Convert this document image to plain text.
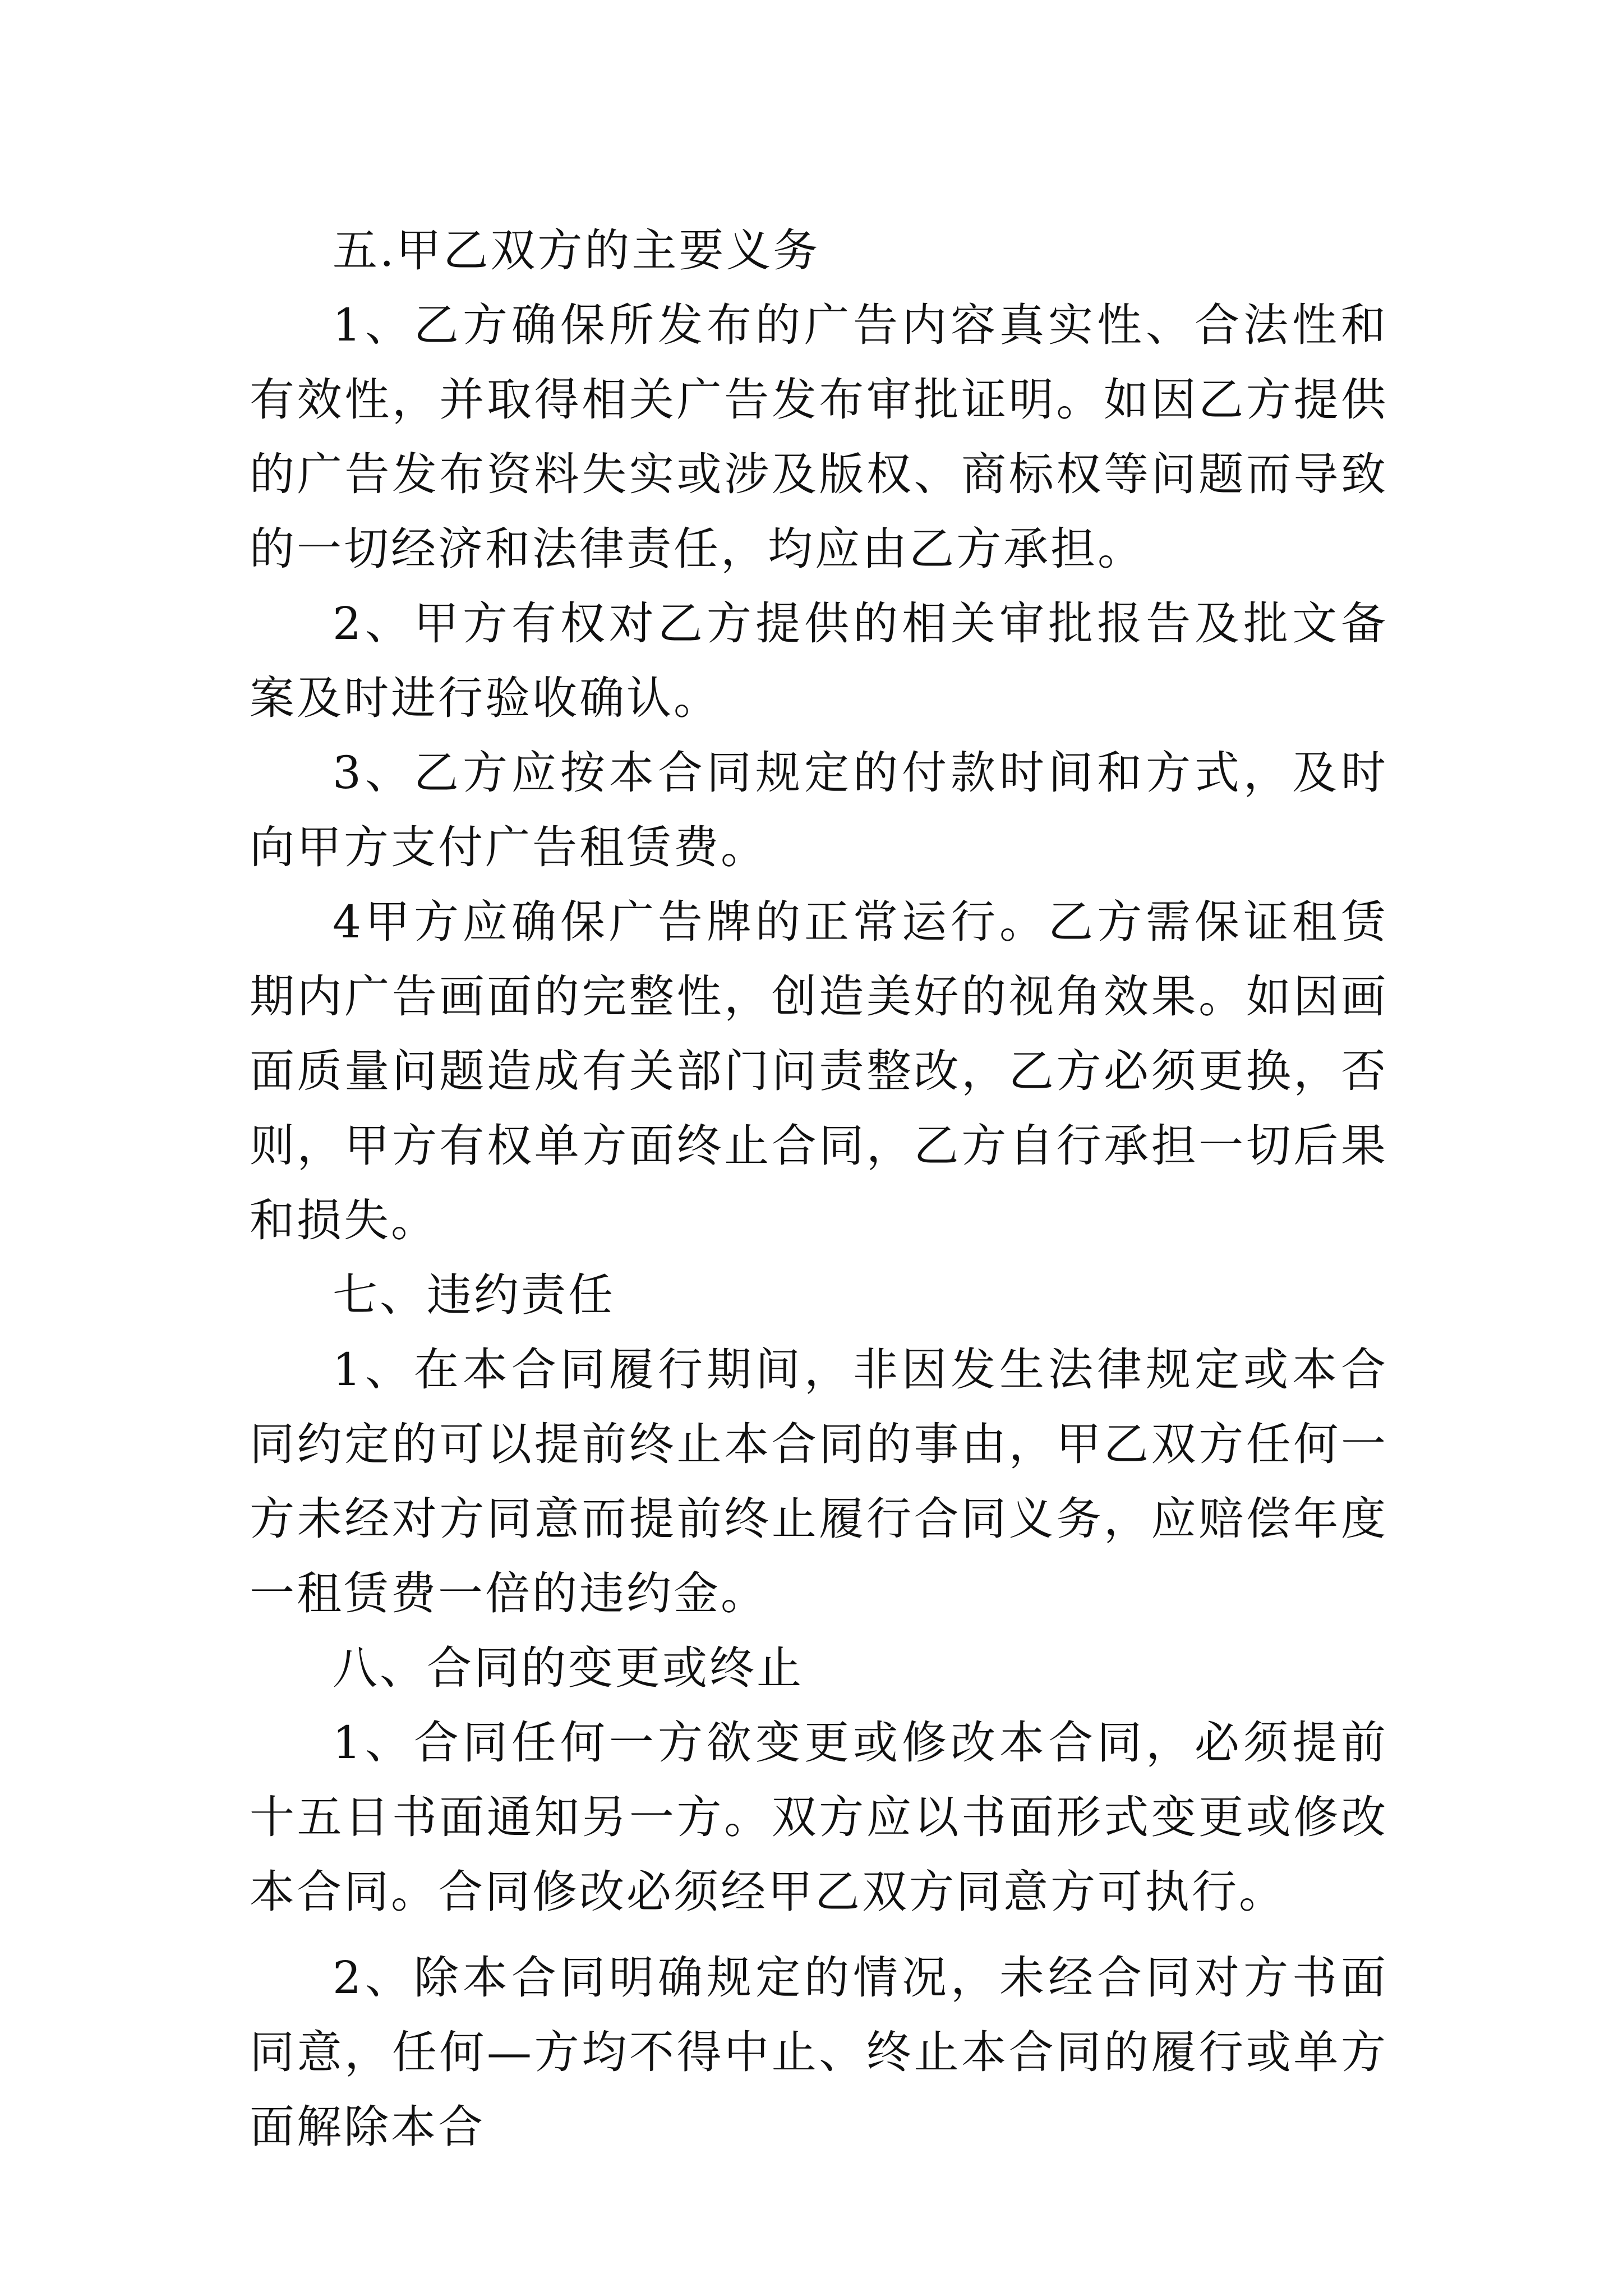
五.甲乙双方的主要义务

1、乙方确保所发布的广告内容真实性、合法性和有效性，并取得相关广告发布审批证明。如因乙方提供的广告发布资料失实或涉及版权、商标权等问题而导致的一切经济和法律责任，均应由乙方承担。

2、甲方有权对乙方提供的相关审批报告及批文备案及时进行验收确认。

3、乙方应按本合同规定的付款时间和方式，及时向甲方支付广告租赁费。

4甲方应确保广告牌的正常运行。乙方需保证租赁期内广告画面的完整性，创造美好的视角效果。如因画面质量问题造成有关部门问责整改，乙方必须更换，否则，甲方有权单方面终止合同，乙方自行承担一切后果和损失。

七、违约责任

1、在本合同履行期间，非因发生法律规定或本合同约定的可以提前终止本合同的事由，甲乙双方任何一方未经对方同意而提前终止履行合同义务，应赔偿年度一租赁费一倍的违约金。

八、合同的变更或终止

1、合同任何一方欲变更或修改本合同，必须提前十五日书面通知另一方。双方应以书面形式变更或修改本合同。合同修改必须经甲乙双方同意方可执行。

2、除本合同明确规定的情况，未经合同对方书面同意，任何—方均不得中止、终止本合同的履行或单方面解除本合
